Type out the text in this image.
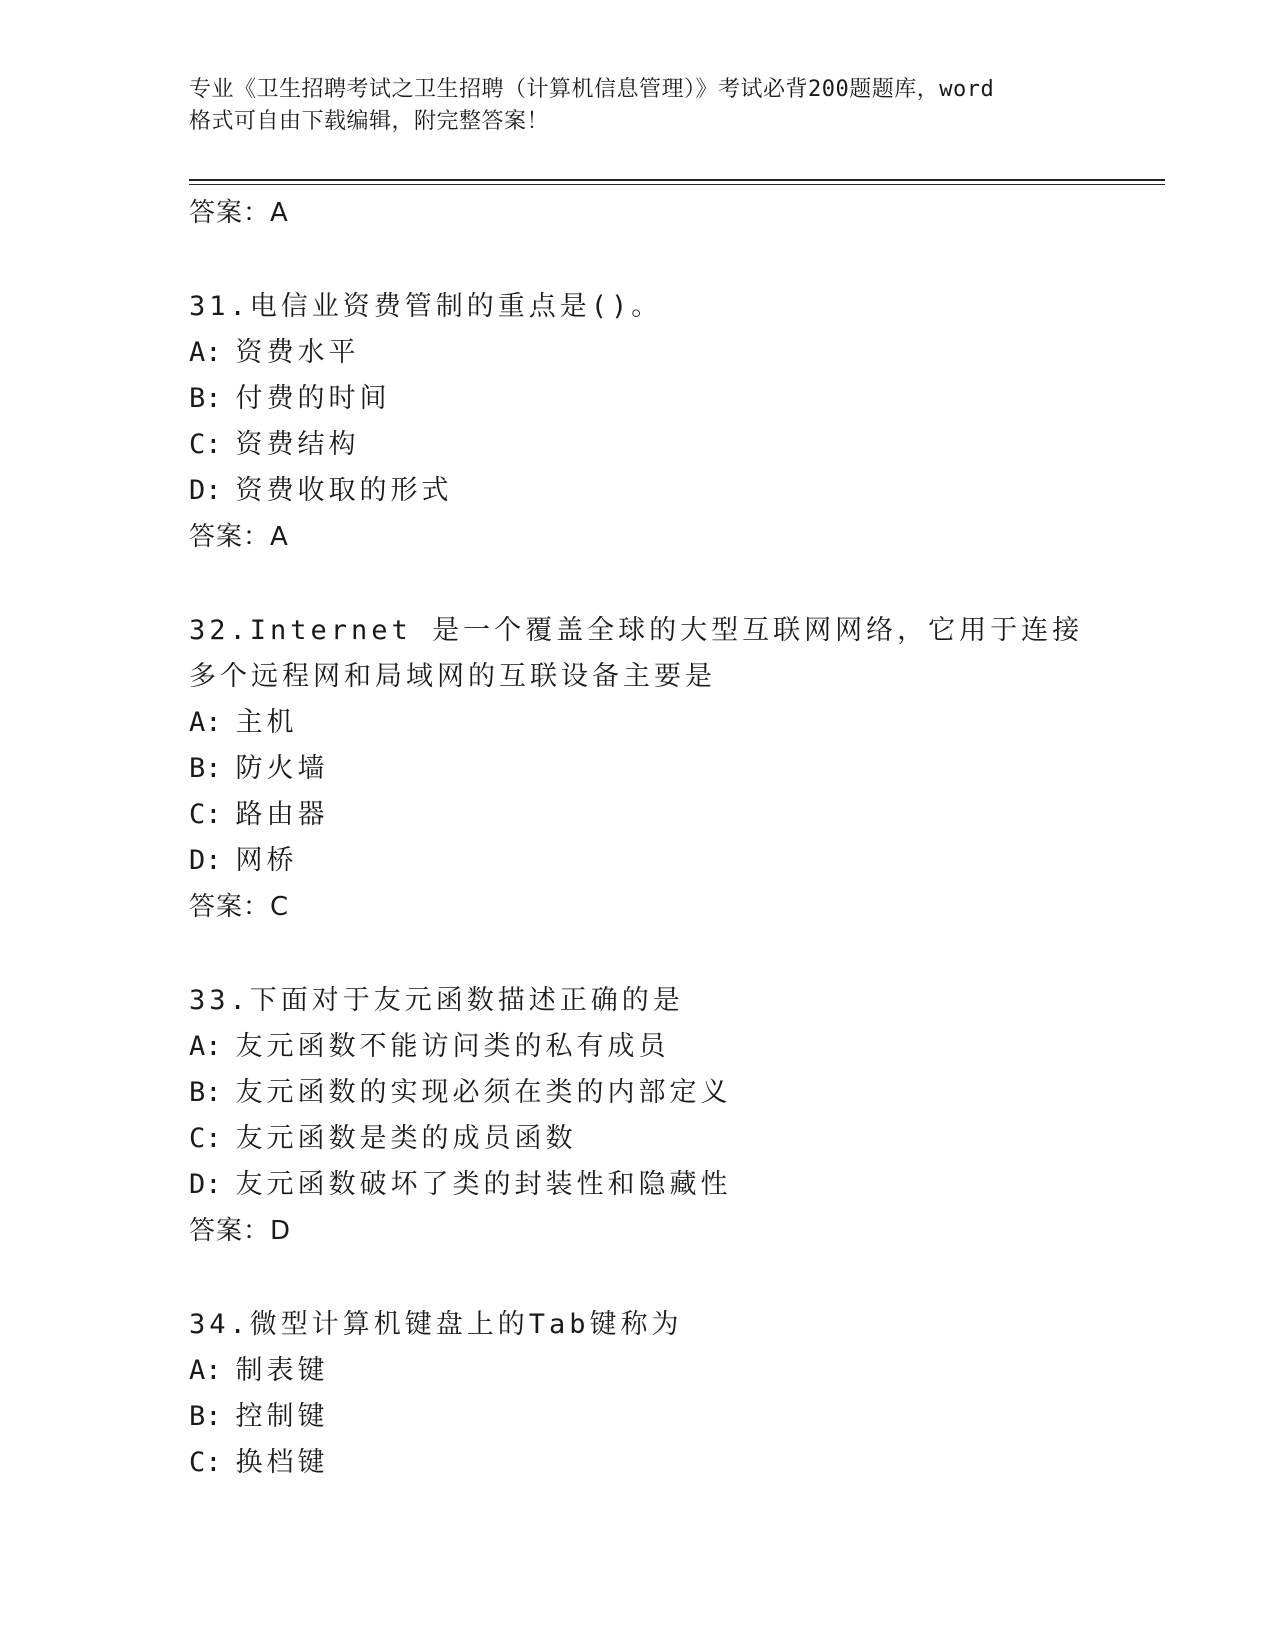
专业《卫生招聘考试之卫生招聘（计算机信息管理）》考试必背200题题库，word
格式可自由下载编辑，附完整答案！
答案：A
31.电信业资费管制的重点是()。
A: 资费水平
B: 付费的时间
C: 资费结构
D: 资费收取的形式
答案：A
32.Internet 是一个覆盖全球的大型互联网网络，它用于连接多个远程网和局域网的互联设备主要是
A: 主机
B: 防火墙
C: 路由器
D: 网桥
答案：C
33.下面对于友元函数描述正确的是
A: 友元函数不能访问类的私有成员
B: 友元函数的实现必须在类的内部定义
C: 友元函数是类的成员函数
D: 友元函数破坏了类的封装性和隐藏性
答案：D
34.微型计算机键盘上的Tab键称为
A: 制表键
B: 控制键
C: 换档键
